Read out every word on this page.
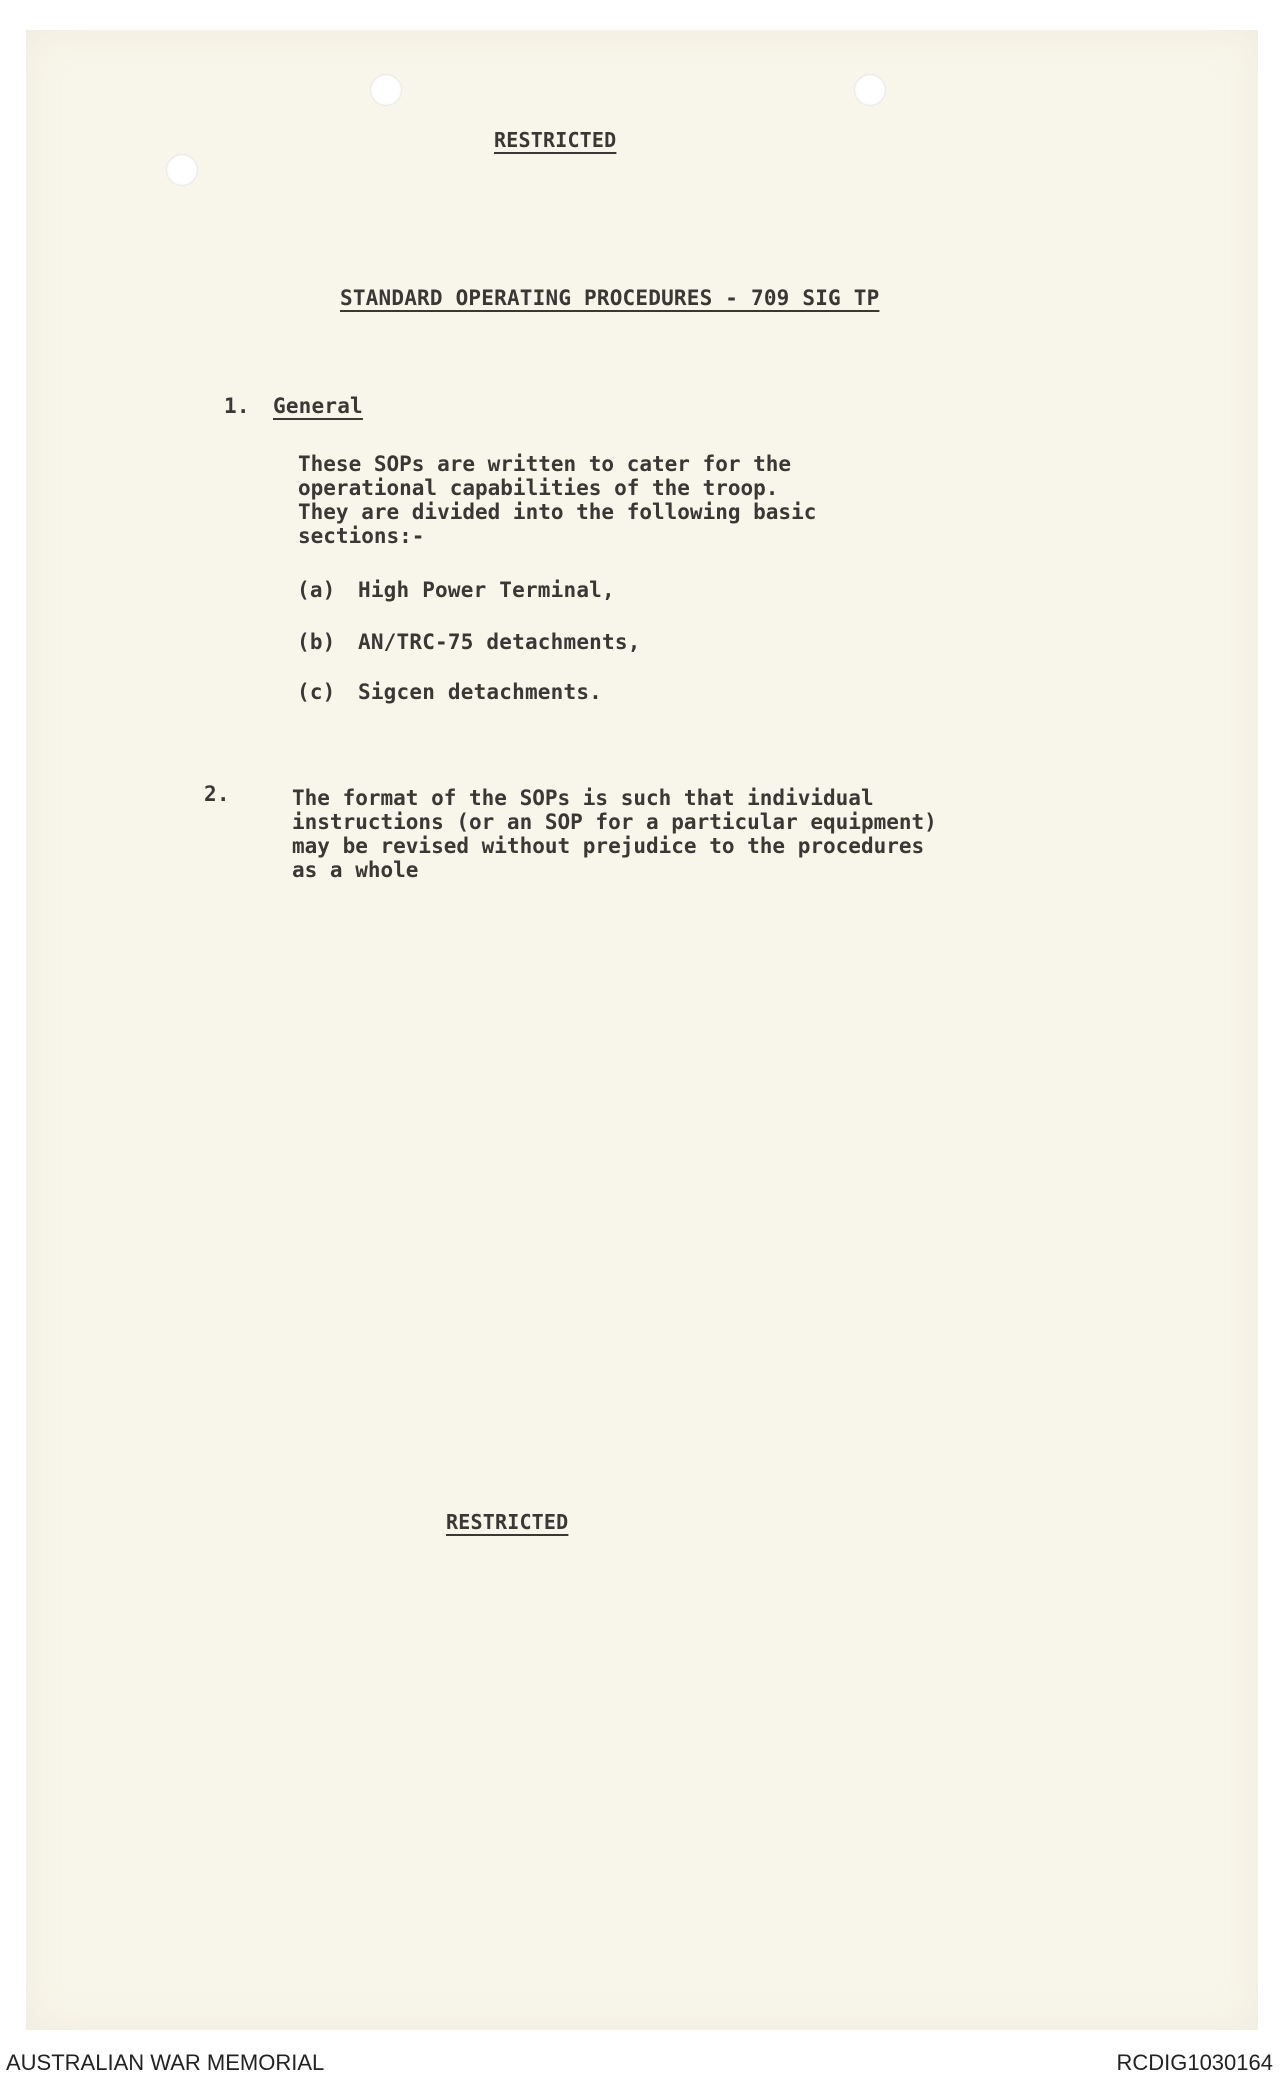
RESTRICTED
STANDARD OPERATING PROCEDURES - 709 SIG TP
1. General
These SOPs are written to cater for the
operational capabilities of the troop.
They are divided into the following basic
sections:-
(a) High Power Terminal,
(b) AN/TRC-75 detachments,
(c) Sigcen detachments.
2.	The format of the SOPs is such that individual
instructions (or an SOP for a particular equipment)
may be revised without prejudice to the procedures
as a whole
RESTRICTED
AUSTRALIAN WAR MEMORIAL	RCDIG1030164
